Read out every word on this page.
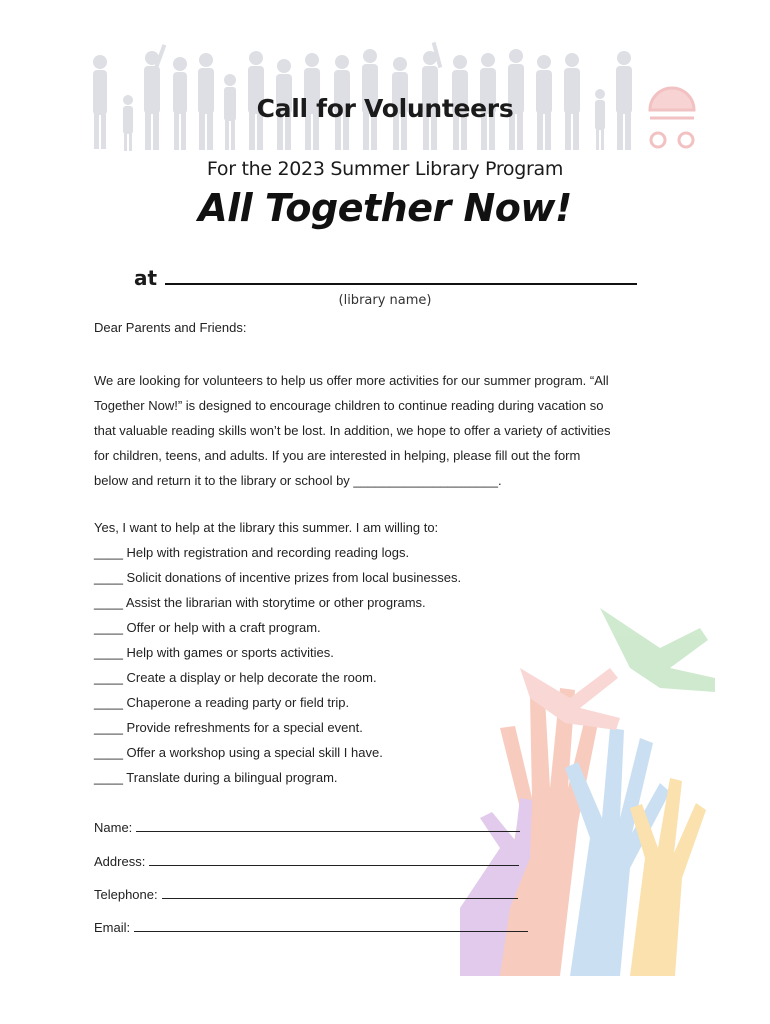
Call for Volunteers
For the 2023 Summer Library Program
All Together Now!
at
(library name)
Dear Parents and Friends:
We are looking for volunteers to help us offer more activities for our summer program. “All
Together Now!” is designed to encourage children to continue reading during vacation so
that valuable reading skills won’t be lost. In addition, we hope to offer a variety of activities
for children, teens, and adults. If you are interested in helping, please fill out the form
below and return it to the library or school by ____________________.
Yes, I want to help at the library this summer. I am willing to:
____ Help with registration and recording reading logs.
____ Solicit donations of incentive prizes from local businesses.
____ Assist the librarian with storytime or other programs.
____ Offer or help with a craft program.
____ Help with games or sports activities.
____ Create a display or help decorate the room.
____ Chaperone a reading party or field trip.
____ Provide refreshments for a special event.
____ Offer a workshop using a special skill I have.
____ Translate during a bilingual program.
Name:
Address:
Telephone:
Email:
